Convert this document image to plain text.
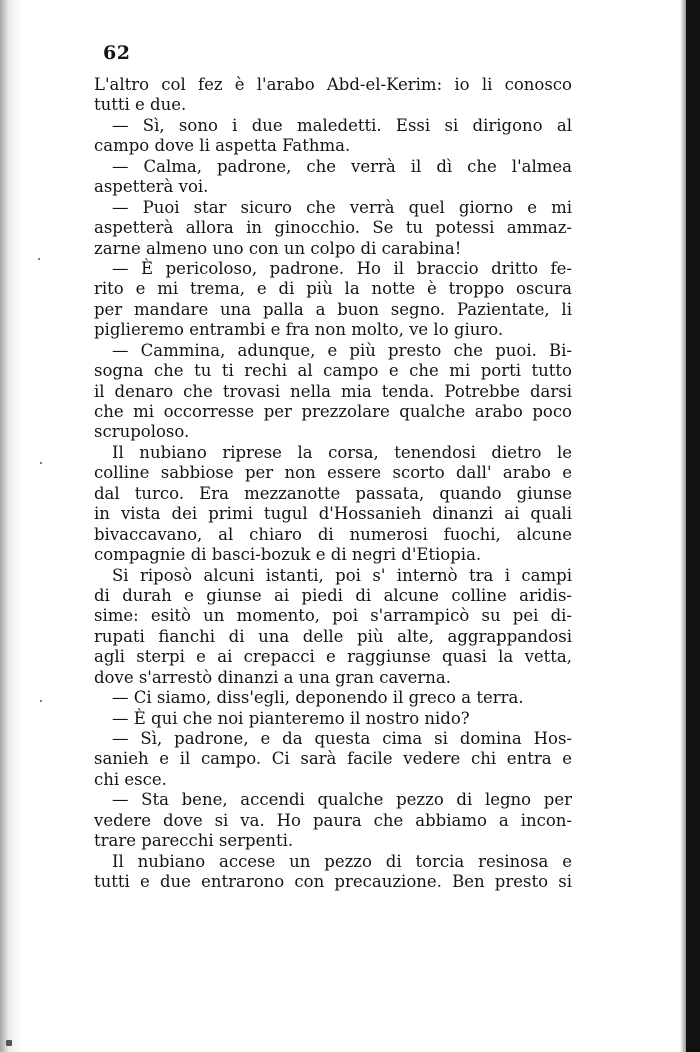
62
L'altro col fez è l'arabo Abd-el-Kerim: io li conosco
tutti e due.
— Sì, sono i due maledetti. Essi si dirigono al
campo dove li aspetta Fathma.
— Calma, padrone, che verrà il dì che l'almea
aspetterà voi.
— Puoi star sicuro che verrà quel giorno e mi
aspetterà allora in ginocchio. Se tu potessi ammaz-
zarne almeno uno con un colpo di carabina!
— È pericoloso, padrone. Ho il braccio dritto fe-
rito e mi trema, e di più la notte è troppo oscura
per mandare una palla a buon segno. Pazientate, li
piglieremo entrambi e fra non molto, ve lo giuro.
— Cammina, adunque, e più presto che puoi. Bi-
sogna che tu ti rechi al campo e che mi porti tutto
il denaro che trovasi nella mia tenda. Potrebbe darsi
che mi occorresse per prezzolare qualche arabo poco
scrupoloso.
Il nubiano riprese la corsa, tenendosi dietro le
colline sabbiose per non essere scorto dall' arabo e
dal turco. Era mezzanotte passata, quando giunse
in vista dei primi tugul d'Hossanieh dinanzi ai quali
bivaccavano, al chiaro di numerosi fuochi, alcune
compagnie di basci-bozuk e di negri d'Etiopia.
Si riposò alcuni istanti, poi s' internò tra i campi
di durah e giunse ai piedi di alcune colline aridis-
sime: esitò un momento, poi s'arrampicò su pei di-
rupati fianchi di una delle più alte, aggrappandosi
agli sterpi e ai crepacci e raggiunse quasi la vetta,
dove s'arrestò dinanzi a una gran caverna.
— Ci siamo, diss'egli, deponendo il greco a terra.
— È qui che noi pianteremo il nostro nido?
— Sì, padrone, e da questa cima si domina Hos-
sanieh e il campo. Ci sarà facile vedere chi entra e
chi esce.
— Sta bene, accendi qualche pezzo di legno per
vedere dove si va. Ho paura che abbiamo a incon-
trare parecchi serpenti.
Il nubiano accese un pezzo di torcia resinosa e
tutti e due entrarono con precauzione. Ben presto si
